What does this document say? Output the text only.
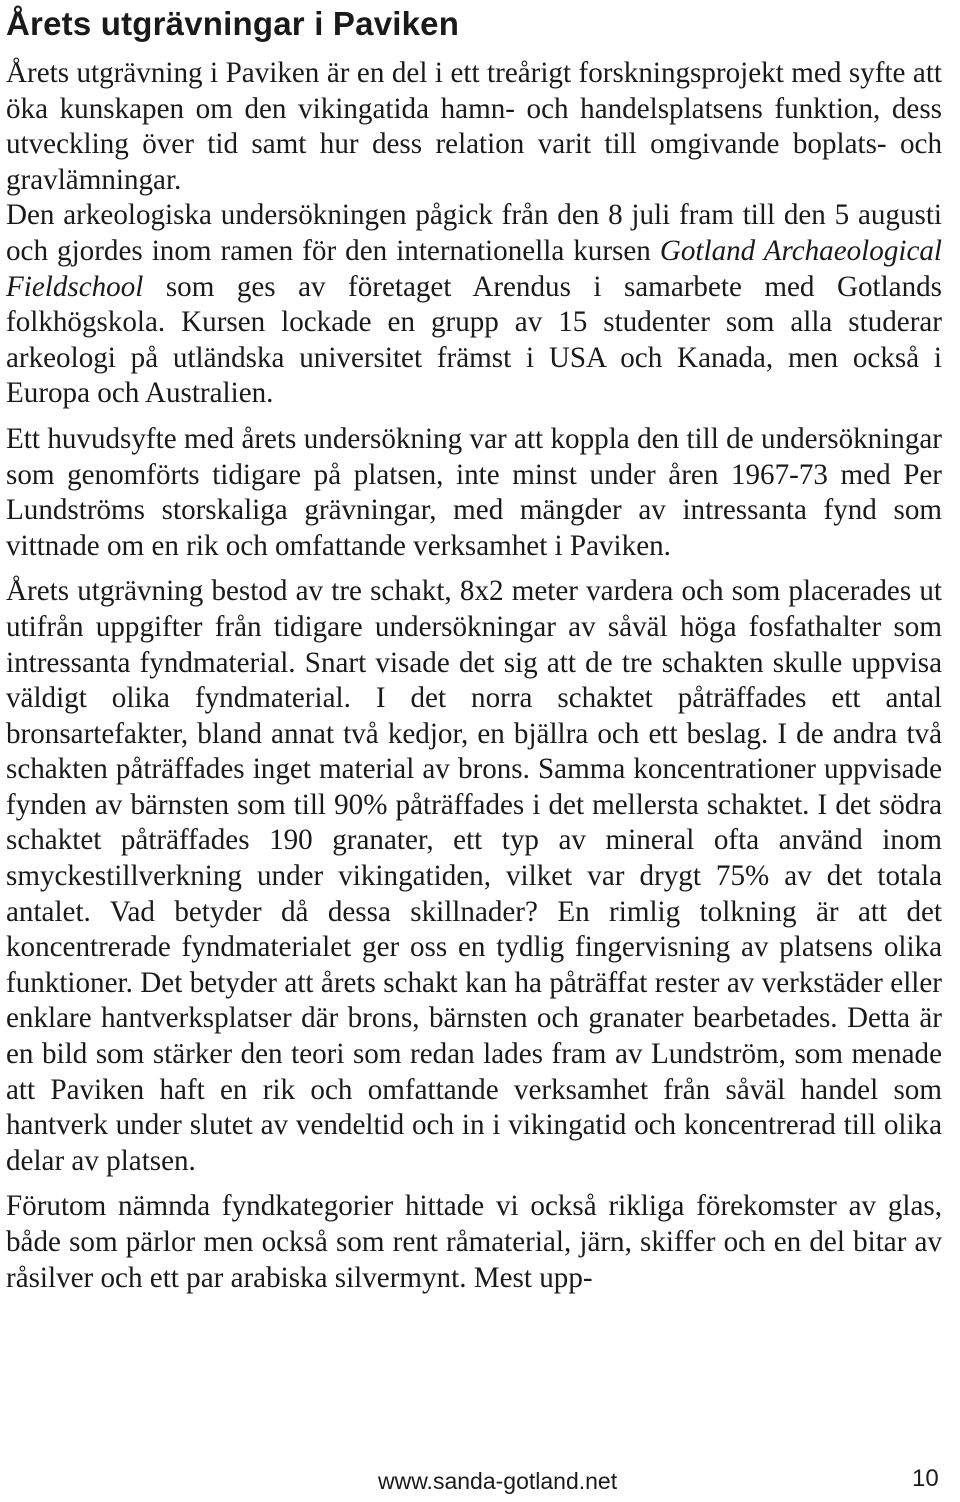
Årets utgrävningar i Paviken

Årets utgrävning i Paviken är en del i ett treårigt forskningsprojekt med syfte att öka kunskapen om den vikingatida hamn- och handelsplatsens funktion, dess utveckling över tid samt hur dess relation varit till omgivande boplats- och gravlämningar.

Den arkeologiska undersökningen pågick från den 8 juli fram till den 5 augusti och gjordes inom ramen för den internationella kursen Gotland Archaeological Fieldschool som ges av företaget Arendus i samarbete med Gotlands folkhögskola. Kursen lockade en grupp av 15 studenter som alla studerar arkeologi på utländska universitet främst i USA och Kanada, men också i Europa och Australien.

Ett huvudsyfte med årets undersökning var att koppla den till de undersökningar som genomförts tidigare på platsen, inte minst under åren 1967-73 med Per Lundströms storskaliga grävningar, med mängder av intressanta fynd som vittnade om en rik och omfattande verksamhet i Paviken.

Årets utgrävning bestod av tre schakt, 8x2 meter vardera och som placerades ut utifrån uppgifter från tidigare undersökningar av såväl höga fosfathalter som intressanta fyndmaterial. Snart visade det sig att de tre schakten skulle uppvisa väldigt olika fyndmaterial. I det norra schaktet påträffades ett antal bronsartefakter, bland annat två kedjor, en bjällra och ett beslag. I de andra två schakten påträffades inget material av brons. Samma koncentrationer uppvisade fynden av bärnsten som till 90% påträffades i det mellersta schaktet. I det södra schaktet påträffades 190 granater, ett typ av mineral ofta använd inom smyckestillverkning under vikingatiden, vilket var drygt 75% av det totala antalet. Vad betyder då dessa skillnader? En rimlig tolkning är att det koncentrerade fyndmaterialet ger oss en tydlig fingervisning av platsens olika funktioner. Det betyder att årets schakt kan ha påträffat rester av verkstäder eller enklare hantverksplatser där brons, bärnsten och granater bearbetades. Detta är en bild som stärker den teori som redan lades fram av Lundström, som menade att Paviken haft en rik och omfattande verksamhet från såväl handel som hantverk under slutet av vendeltid och in i vikingatid och koncentrerad till olika delar av platsen.

Förutom nämnda fyndkategorier hittade vi också rikliga förekomster av glas, både som pärlor men också som rent råmaterial, järn, skiffer och en del bitar av råsilver och ett par arabiska silvermynt. Mest upp-

www.sanda-gotland.net	10
